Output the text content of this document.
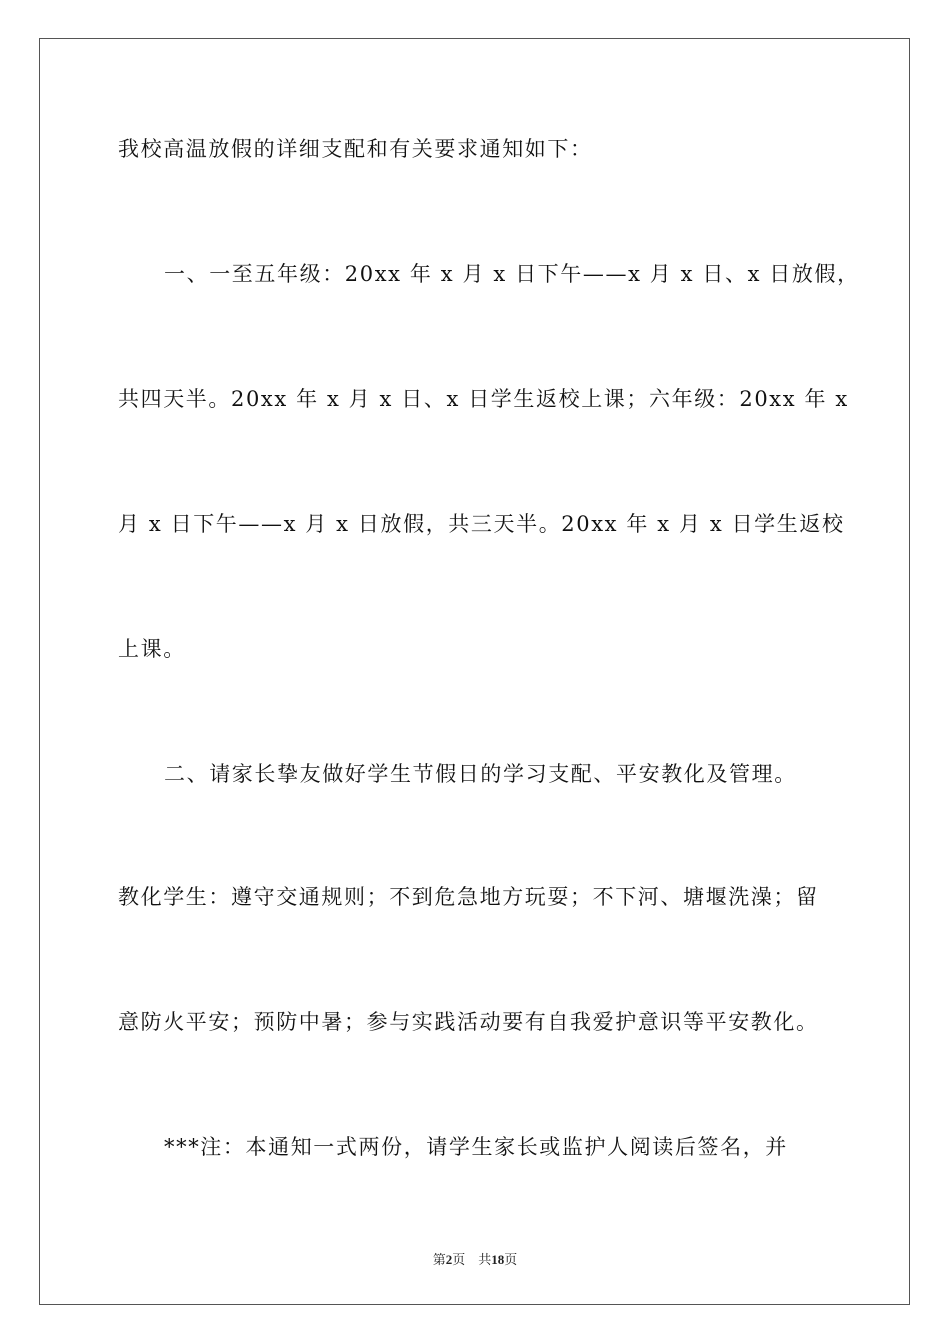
我校高温放假的详细支配和有关要求通知如下：
一、一至五年级：20xx 年 x 月 x 日下午——x 月 x 日、x 日放假，
共四天半。20xx 年 x 月 x 日、x 日学生返校上课；六年级：20xx 年 x
月 x 日下午——x 月 x 日放假，共三天半。20xx 年 x 月 x 日学生返校
上课。
二、请家长挚友做好学生节假日的学习支配、平安教化及管理。
教化学生：遵守交通规则；不到危急地方玩耍；不下河、塘堰洗澡；留
意防火平安；预防中暑；参与实践活动要有自我爱护意识等平安教化。
***注：本通知一式两份，请学生家长或监护人阅读后签名，并
第2页　共18页
